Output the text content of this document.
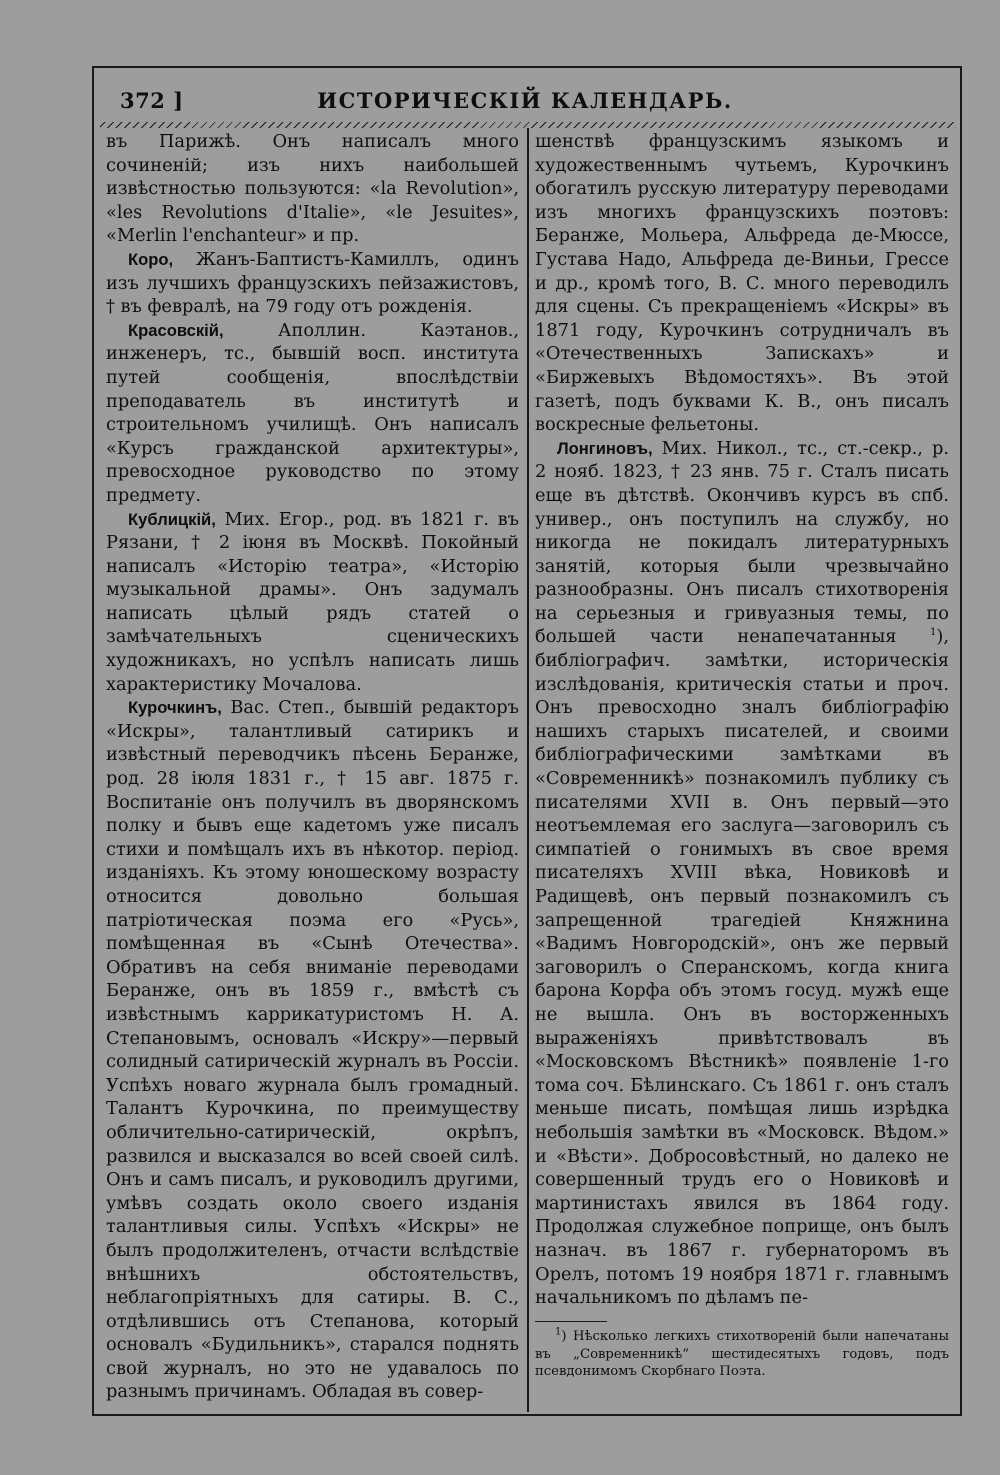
372 ]	ИСТОРИЧЕСКІЙ КАЛЕНДАРЬ.

въ Парижѣ. Онъ написалъ много сочиненій; изъ нихъ наибольшей извѣстностью пользуются: «la Revolution», «les Revolutions d'Italie», «le Jesuites», «Merlin l'enchanteur» и пр.

Коро, Жанъ-Баптистъ-Камиллъ, одинъ изъ лучшихъ французскихъ пейзажистовъ, † въ февралѣ, на 79 году отъ рожденія.

Красовскій, Аполлин. Каэтанов., инженеръ, тс., бывшій восп. института путей сообщенія, впослѣдствіи преподаватель въ институтѣ и строительномъ училищѣ. Онъ написалъ «Курсъ гражданской архитектуры», превосходное руководство по этому предмету.

Кублицкій, Мих. Егор., род. въ 1821 г. въ Рязани, † 2 іюня въ Москвѣ. Покойный написалъ «Исторію театра», «Исторію музыкальной драмы». Онъ задумалъ написать цѣлый рядъ статей о замѣчательныхъ сценическихъ художникахъ, но успѣлъ написать лишь характеристику Мочалова.

Курочкинъ, Вас. Степ., бывшій редакторъ «Искры», талантливый сатирикъ и извѣстный переводчикъ пѣсень Беранже, род. 28 іюля 1831 г., † 15 авг. 1875 г. Воспитаніе онъ получилъ въ дворянскомъ полку и бывъ еще кадетомъ уже писалъ стихи и помѣщалъ ихъ въ нѣкотор. період. изданіяхъ. Къ этому юношескому возрасту относится довольно большая патріотическая поэма его «Русь», помѣщенная въ «Сынѣ Отечества». Обративъ на себя вниманіе переводами Беранже, онъ въ 1859 г., вмѣстѣ съ извѣстнымъ каррикатуристомъ Н. А. Степановымъ, основалъ «Искру»—первый солидный сатирическій журналъ въ Россіи. Успѣхъ новаго журнала былъ громадный. Талантъ Курочкина, по преимуществу обличительно-сатирическій, окрѣпъ, развился и высказался во всей своей силѣ. Онъ и самъ писалъ, и руководилъ другими, умѣвъ создать около своего изданія талантливыя силы. Успѣхъ «Искры» не былъ продолжителенъ, отчасти вслѣдствіе внѣшнихъ обстоятельствъ, неблагопріятныхъ для сатиры. В. С., отдѣлившись отъ Степанова, который основалъ «Будильникъ», старался поднять свой журналъ, но это не удавалось по разнымъ причинамъ. Обладая въ совер-

шенствѣ французскимъ языкомъ и художественнымъ чутьемъ, Курочкинъ обогатилъ русскую литературу переводами изъ многихъ французскихъ поэтовъ: Беранже, Мольера, Альфреда де-Мюссе, Густава Надо, Альфреда де-Виньи, Грессе и др., кромѣ того, В. С. много переводилъ для сцены. Съ прекращеніемъ «Искры» въ 1871 году, Курочкинъ сотрудничалъ въ «Отечественныхъ Запискахъ» и «Биржевыхъ Вѣдомостяхъ». Въ этой газетѣ, подъ буквами К. В., онъ писалъ воскресные фельетоны.

Лонгиновъ, Мих. Никол., тс., ст.-секр., р. 2 нояб. 1823, † 23 янв. 75 г. Сталъ писать еще въ дѣтствѣ. Окончивъ курсъ въ спб. универ., онъ поступилъ на службу, но никогда не покидалъ литературныхъ занятій, которыя были чрезвычайно разнообразны. Онъ писалъ стихотворенія на серьезныя и гривуазныя темы, по большей части ненапечатанныя $^1$), библіографич. замѣтки, историческія изслѣдованія, критическія статьи и проч. Онъ превосходно зналъ библіографію нашихъ старыхъ писателей, и своими библіографическими замѣтками въ «Современникѣ» познакомилъ публику съ писателями XVII в. Онъ первый—это неотъемлемая его заслуга—заговорилъ съ симпатіей о гонимыхъ въ свое время писателяхъ XVIII вѣка, Новиковѣ и Радищевѣ, онъ первый познакомилъ съ запрещенной трагедіей Княжнина «Вадимъ Новгородскій», онъ же первый заговорилъ о Сперанскомъ, когда книга барона Корфа объ этомъ госуд. мужѣ еще не вышла. Онъ въ восторженныхъ выраженіяхъ привѣтствовалъ въ «Московскомъ Вѣстникѣ» появленіе 1-го тома соч. Бѣлинскаго. Съ 1861 г. онъ сталъ меньше писать, помѣщая лишь изрѣдка небольшія замѣтки въ «Московск. Вѣдом.» и «Вѣсти». Добросовѣстный, но далеко не совершенный трудъ его о Новиковѣ и мартинистахъ явился въ 1864 году. Продолжая служебное поприще, онъ былъ назнач. въ 1867 г. губернаторомъ въ Орелъ, потомъ 19 ноября 1871 г. главнымъ начальникомъ по дѣламъ пе-

$^1$) Нѣсколько легкихъ стихотвореній были напечатаны въ „Современникѣ“ шестидесятыхъ годовъ, подъ псевдонимомъ Скорбнаго Поэта.
